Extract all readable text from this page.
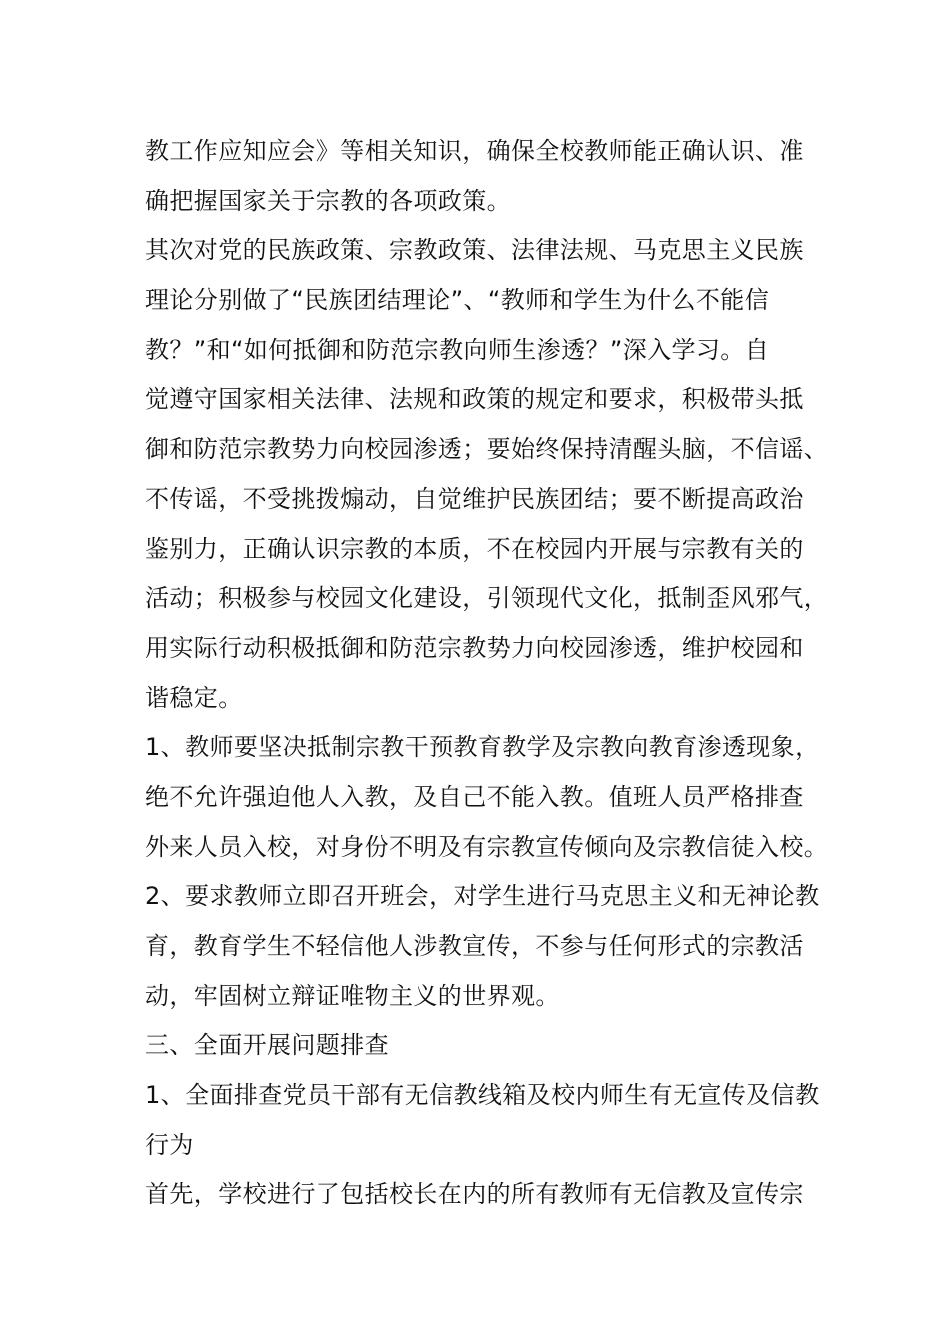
教工作应知应会》等相关知识，确保全校教师能正确认识、准
确把握国家关于宗教的各项政策。
其次对党的民族政策、宗教政策、法律法规、马克思主义民族
理论分别做了“民族团结理论”、“教师和学生为什么不能信
教？”和“如何抵御和防范宗教向师生渗透？”深入学习。自
觉遵守国家相关法律、法规和政策的规定和要求，积极带头抵
御和防范宗教势力向校园渗透；要始终保持清醒头脑，不信谣、
不传谣，不受挑拨煽动，自觉维护民族团结；要不断提高政治
鉴别力，正确认识宗教的本质，不在校园内开展与宗教有关的
活动；积极参与校园文化建设，引领现代文化，抵制歪风邪气，
用实际行动积极抵御和防范宗教势力向校园渗透，维护校园和
谐稳定。
1、教师要坚决抵制宗教干预教育教学及宗教向教育渗透现象，
绝不允许强迫他人入教，及自己不能入教。值班人员严格排查
外来人员入校，对身份不明及有宗教宣传倾向及宗教信徒入校。
2、要求教师立即召开班会，对学生进行马克思主义和无神论教
育，教育学生不轻信他人涉教宣传，不参与任何形式的宗教活
动，牢固树立辩证唯物主义的世界观。
三、全面开展问题排查
1、全面排查党员干部有无信教线箱及校内师生有无宣传及信教
行为
首先，学校进行了包括校长在内的所有教师有无信教及宣传宗
